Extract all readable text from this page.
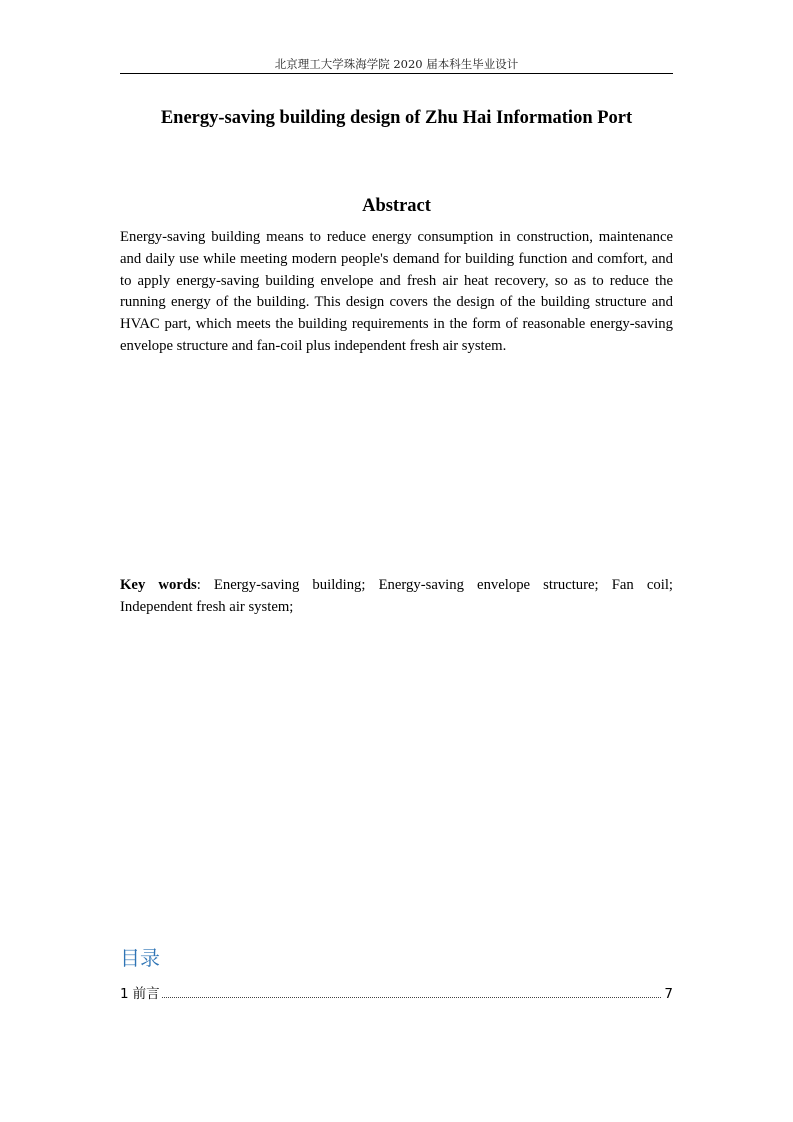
北京理工大学珠海学院 2020 届本科生毕业设计
Energy-saving building design of Zhu Hai Information Port
Abstract

Energy-saving building means to reduce energy consumption in construction, maintenance and daily use while meeting modern people's demand for building function and comfort, and to apply energy-saving building envelope and fresh air heat recovery, so as to reduce the running energy of the building. This design covers the design of the building structure and HVAC part, which meets the building requirements in the form of reasonable energy-saving envelope structure and fan-coil plus independent fresh air system.

Key words: Energy-saving building; Energy-saving envelope structure; Fan coil; Independent fresh air system;

目录
1 前言	7
